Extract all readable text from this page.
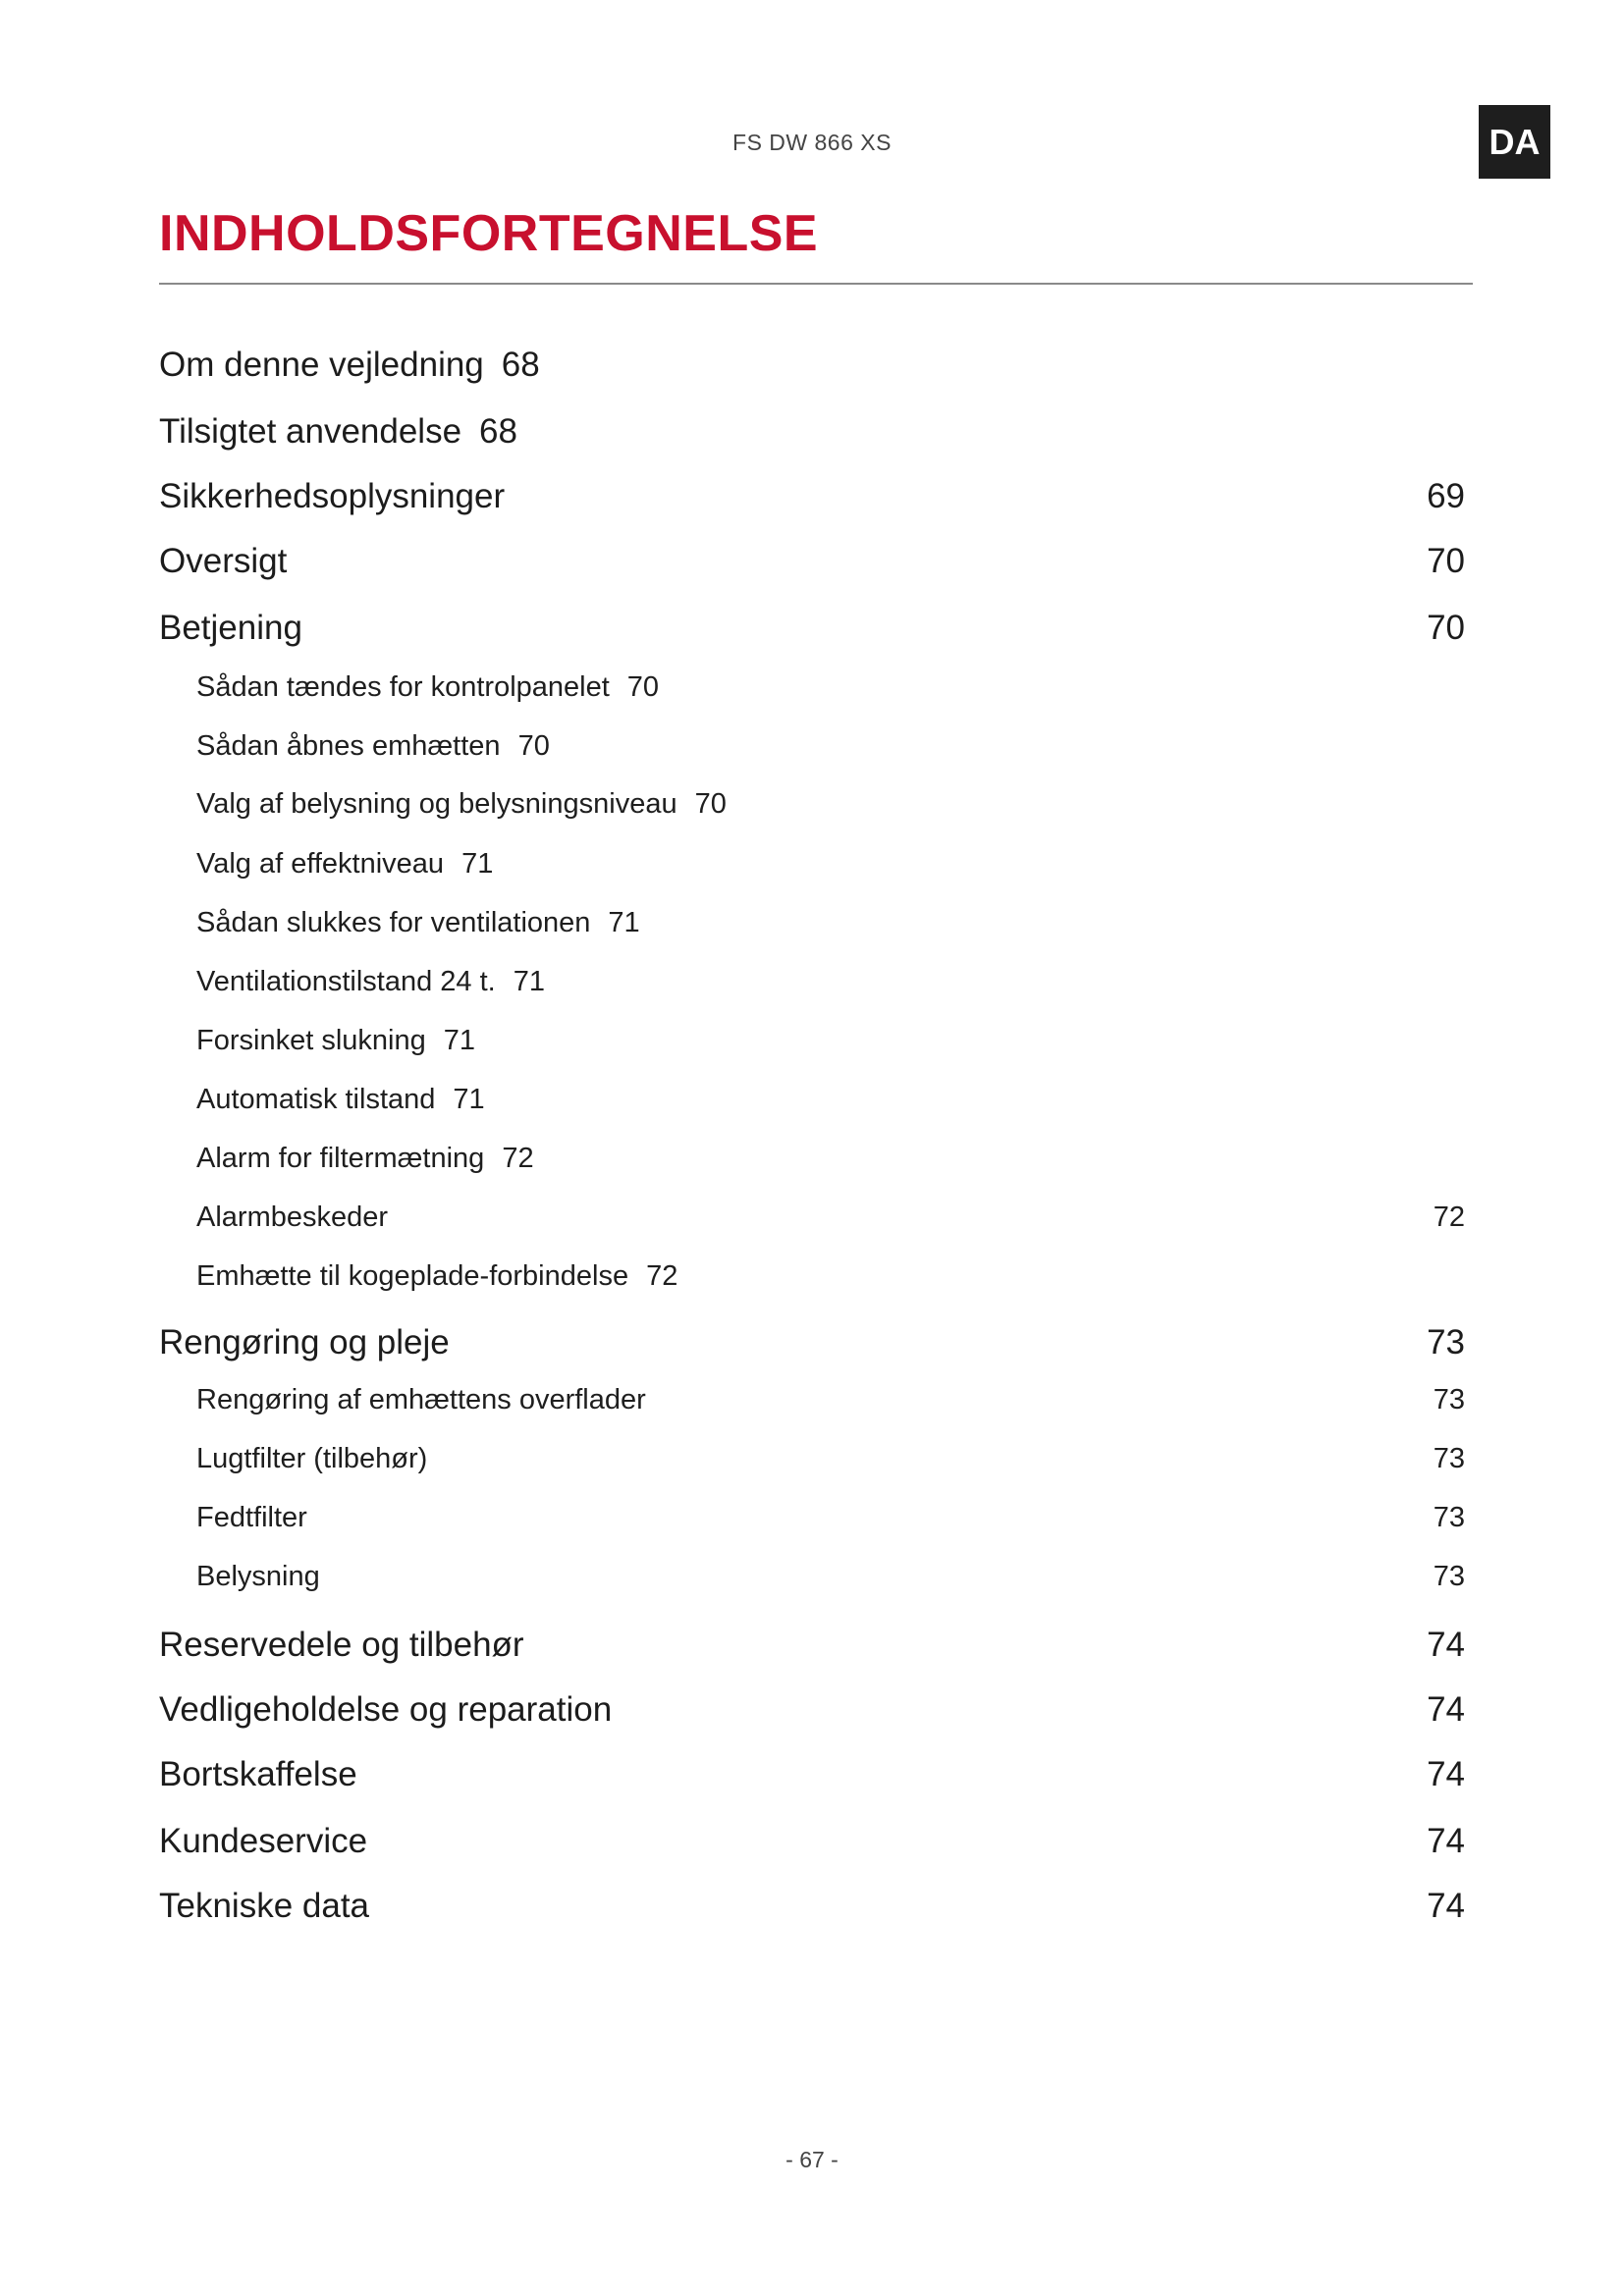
FS DW 866 XS	DA
INDHOLDSFORTEGNELSE
Om denne vejledning 68
Tilsigtet anvendelse 68
Sikkerhedsoplysninger	69
Oversigt	70
Betjening	70
Sådan tændes for kontrolpanelet 70
Sådan åbnes emhætten 70
Valg af belysning og belysningsniveau 70
Valg af effektniveau 71
Sådan slukkes for ventilationen 71
Ventilationstilstand 24 t. 71
Forsinket slukning 71
Automatisk tilstand 71
Alarm for filtermætning 72
Alarmbeskeder	72
Emhætte til kogeplade-forbindelse 72
Rengøring og pleje	73
Rengøring af emhættens overflader	73
Lugtfilter (tilbehør)	73
Fedtfilter	73
Belysning	73
Reservedele og tilbehør	74
Vedligeholdelse og reparation	74
Bortskaffelse	74
Kundeservice	74
Tekniske data	74
- 67 -
